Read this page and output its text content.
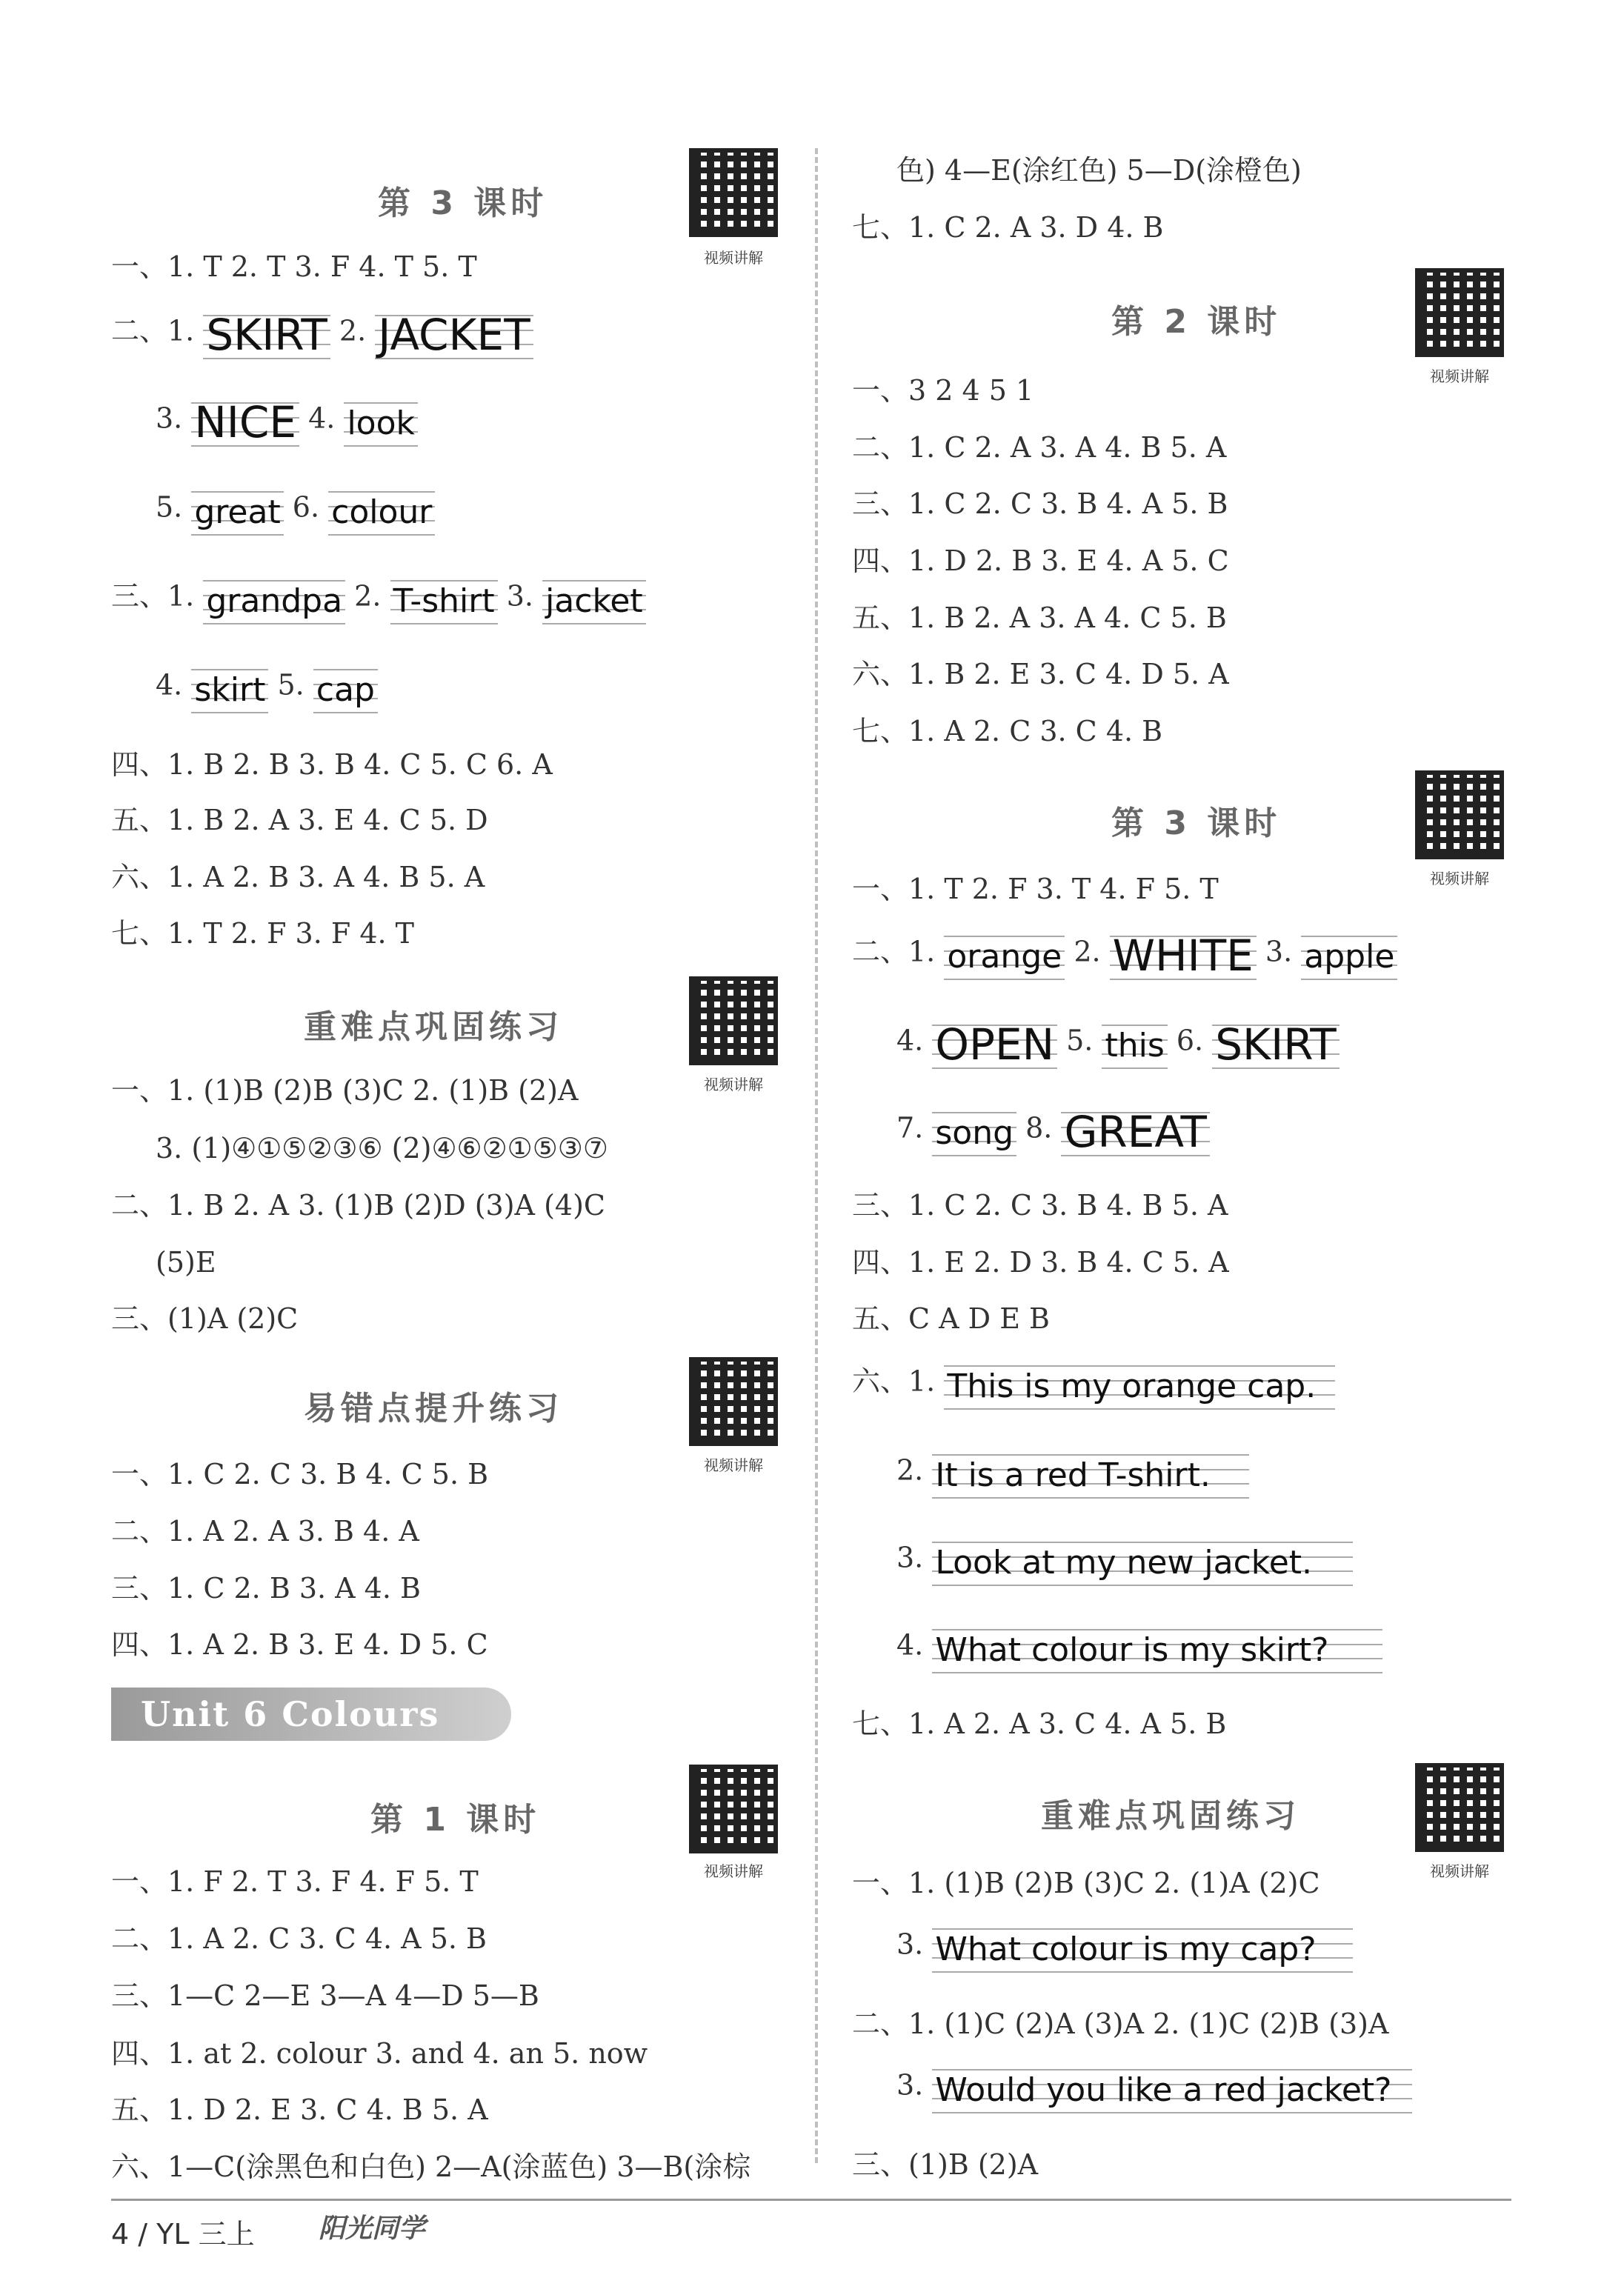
第 3 课时
视频讲解
一、1. T 2. T 3. F 4. T 5. T
二、1. SKIRT 2. JACKET
3. NICE 4. look
5. great 6. colour
三、1. grandpa 2. T-shirt 3. jacket
4. skirt 5. cap
四、1. B 2. B 3. B 4. C 5. C 6. A
五、1. B 2. A 3. E 4. C 5. D
六、1. A 2. B 3. A 4. B 5. A
七、1. T 2. F 3. F 4. T
重难点巩固练习
视频讲解
一、1. (1)B (2)B (3)C 2. (1)B (2)A
3. (1)④①⑤②③⑥ (2)④⑥②①⑤③⑦
二、1. B 2. A 3. (1)B (2)D (3)A (4)C
(5)E
三、(1)A (2)C
易错点提升练习
视频讲解
一、1. C 2. C 3. B 4. C 5. B
二、1. A 2. A 3. B 4. A
三、1. C 2. B 3. A 4. B
四、1. A 2. B 3. E 4. D 5. C
Unit 6 Colours
第 1 课时
视频讲解
一、1. F 2. T 3. F 4. F 5. T
二、1. A 2. C 3. C 4. A 5. B
三、1—C 2—E 3—A 4—D 5—B
四、1. at 2. colour 3. and 4. an 5. now
五、1. D 2. E 3. C 4. B 5. A
六、1—C(涂黑色和白色) 2—A(涂蓝色) 3—B(涂棕
色) 4—E(涂红色) 5—D(涂橙色)
七、1. C 2. A 3. D 4. B
第 2 课时
视频讲解
一、3 2 4 5 1
二、1. C 2. A 3. A 4. B 5. A
三、1. C 2. C 3. B 4. A 5. B
四、1. D 2. B 3. E 4. A 5. C
五、1. B 2. A 3. A 4. C 5. B
六、1. B 2. E 3. C 4. D 5. A
七、1. A 2. C 3. C 4. B
第 3 课时
视频讲解
一、1. T 2. F 3. T 4. F 5. T
二、1. orange 2. WHITE 3. apple
4. OPEN 5. this 6. SKIRT
7. song 8. GREAT
三、1. C 2. C 3. B 4. B 5. A
四、1. E 2. D 3. B 4. C 5. A
五、C A D E B
六、1. This is my orange cap.
2. It is a red T-shirt.
3. Look at my new jacket.
4. What colour is my skirt?
七、1. A 2. A 3. C 4. A 5. B
重难点巩固练习
视频讲解
一、1. (1)B (2)B (3)C 2. (1)A (2)C
3. What colour is my cap?
二、1. (1)C (2)A (3)A 2. (1)C (2)B (3)A
3. Would you like a red jacket?
三、(1)B (2)A
4 / YL 三上 阳光同学
